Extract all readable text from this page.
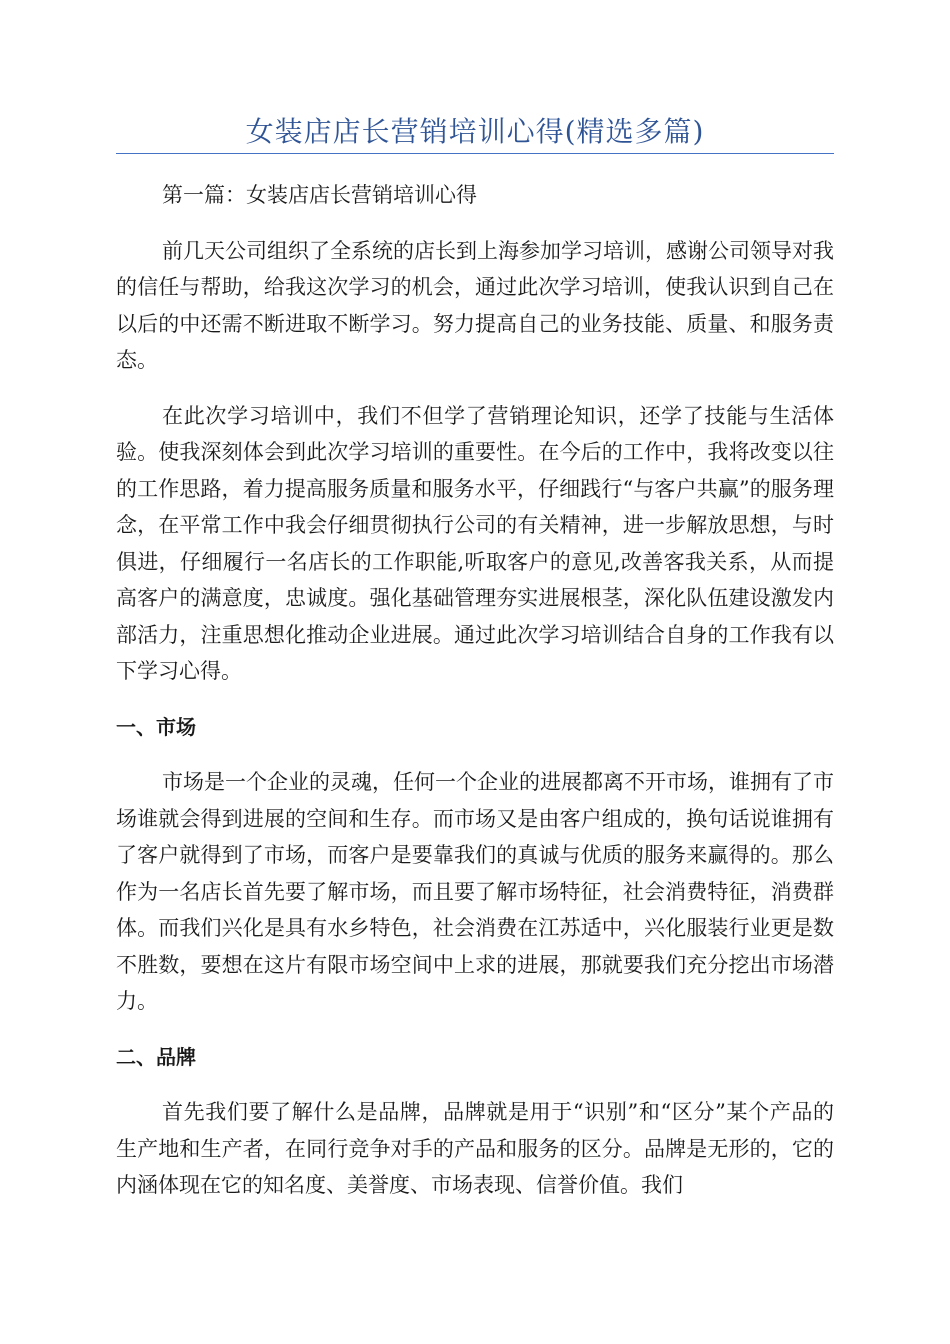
女装店店长营销培训心得(精选多篇)

第一篇：女装店店长营销培训心得

前几天公司组织了全系统的店长到上海参加学习培训，感谢公司领导对我的信任与帮助，给我这次学习的机会，通过此次学习培训，使我认识到自己在以后的中还需不断进取不断学习。努力提高自己的业务技能、质量、和服务责态。

在此次学习培训中，我们不但学了营销理论知识，还学了技能与生活体验。使我深刻体会到此次学习培训的重要性。在今后的工作中，我将改变以往的工作思路，着力提高服务质量和服务水平，仔细践行“与客户共赢”的服务理念，在平常工作中我会仔细贯彻执行公司的有关精神，进一步解放思想，与时俱进，仔细履行一名店长的工作职能,听取客户的意见,改善客我关系，从而提高客户的满意度，忠诚度。强化基础管理夯实进展根茎，深化队伍建设激发内部活力，注重思想化推动企业进展。通过此次学习培训结合自身的工作我有以下学习心得。

一、市场

市场是一个企业的灵魂，任何一个企业的进展都离不开市场，谁拥有了市场谁就会得到进展的空间和生存。而市场又是由客户组成的，换句话说谁拥有了客户就得到了市场，而客户是要靠我们的真诚与优质的服务来赢得的。那么作为一名店长首先要了解市场，而且要了解市场特征，社会消费特征，消费群体。而我们兴化是具有水乡特色，社会消费在江苏适中，兴化服装行业更是数不胜数，要想在这片有限市场空间中上求的进展，那就要我们充分挖出市场潜力。

二、品牌

首先我们要了解什么是品牌，品牌就是用于“识别”和“区分”某个产品的生产地和生产者，在同行竞争对手的产品和服务的区分。品牌是无形的，它的内涵体现在它的知名度、美誉度、市场表现、信誉价值。我们
